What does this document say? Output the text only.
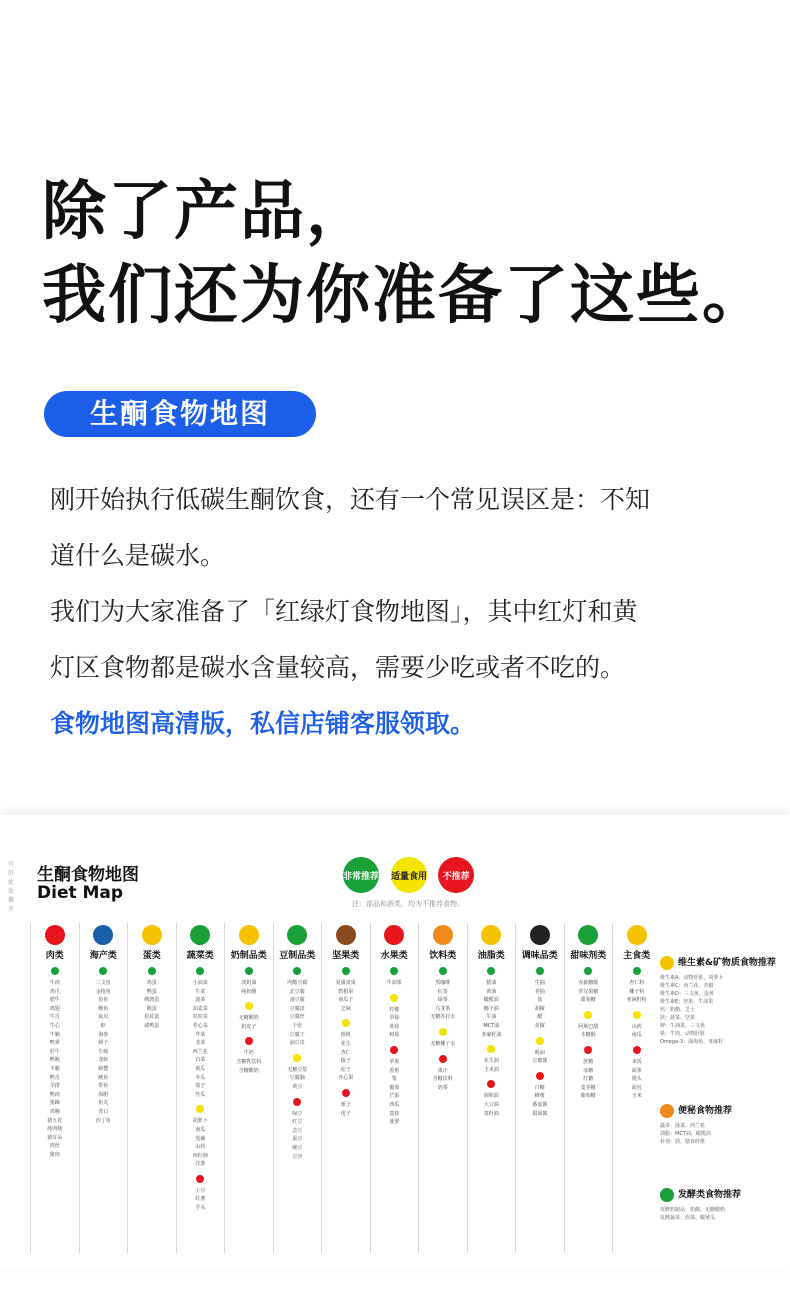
除了产品，
我们还为你准备了这些。
生酮食物地图

刚开始执行低碳生酮饮食，还有一个常见误区是：不知

道什么是碳水。

我们为大家准备了「红绿灯食物地图」，其中红灯和黄

灯区食物都是碳水含量较高，需要少吃或者不吃的。

食物地图高清版，私信店铺客服领取。

可沿此处撕开
生酮食物地图
Diet Map
非常推荐 适量食用	不推荐
注：部品和酒类，均为不推荐食物。
肉类
牛肉
鸡爪
肥牛
鸡翅
牛舌
牛心
牛腩
鸭掌
肝牛
鸭肫
羊腿
鸭舌
羊排
鸭肉
猪蹄
鸡胸
猪五花
纯肉肠
猪耳朵
肉丝
猪肉
海产类
三文鱼
金枪鱼
鱼鱼
鲍鱼
扇贝
虾
海参
蛏子
生蚝
龙虾
螃蟹
鱿鱼
带鱼
海胆
鱼丸
青口
沙丁鱼
蛋类
鸡蛋
鸭蛋
鹌鹑蛋
鹅蛋
松花蛋
咸鸭蛋
蔬菜类
小油菜
生菜
菠菜
油麦菜
娃娃菜
卷心菜
芹菜
韭菜
西兰花
白菜
黄瓜
冬瓜
茄子
丝瓜
胡萝卜
南瓜
莲藕
山药
西红柿
洋葱
土豆
红薯
芋头
奶制品类
淡奶油
纯奶酪
无糖酸奶
奶皮子
牛奶
含糖乳饮料
含糖酸奶
豆制品类
内酯豆腐
北豆腐
南豆腐
豆腐皮
豆腐丝
千张
豆腐干
油豆皮
无糖豆浆
豆腐脑
黄豆
绿豆
红豆
芸豆
蚕豆
豌豆
豆沙
坚果类
夏威夷果
碧根果
南瓜子
芝麻
核桃
花生
杏仁
榛子
松子
开心果
栗子
莲子
水果类
牛油果
柠檬
草莓
蓝莓
树莓
苹果
香蕉
梨
葡萄
芒果
西瓜
荔枝
菠萝
饮料类
黑咖啡
红茶
绿茶
乌龙茶
无糖苏打水
无糖椰子水
果汁
含糖饮料
奶茶
油脂类
猪油
黄油
橄榄油
椰子油
牛油
MCT油
亚麻籽油
花生油
玉米油
调和油
大豆油
菜籽油
调味品类
生抽
老抽
盐
胡椒
醋
花椒
蚝油
豆瓣酱
白糖
蜂蜜
番茄酱
甜面酱
甜味剂类
赤藓糖醇
罗汉果糖
甜菊糖
阿斯巴甜
木糖醇
蔗糖
冰糖
红糖
麦芽糖
葡萄糖
主食类
杏仁粉
椰子粉
亚麻籽粉
山药
南瓜
米饭
面条
馒头
面包
玉米
维生素&矿物质食物推荐
维生素A：动物肝脏、胡萝卜
维生素C：西兰花、青椒
维生素D：三文鱼、蛋黄
维生素E：坚果、牛油果
钙：奶酪、芝士
镁：菠菜、坚果
钾：牛油果、三文鱼
铁：牛肉、动物肝脏
Omega-3：深海鱼、亚麻籽
便秘食物推荐
蔬菜：菠菜、西兰花
油脂：MCT油、橄榄油
补剂：镁、膳食纤维
发酵类食物推荐
发酵奶制品：奶酪、无糖酸奶
发酵蔬菜：泡菜、酸黄瓜
